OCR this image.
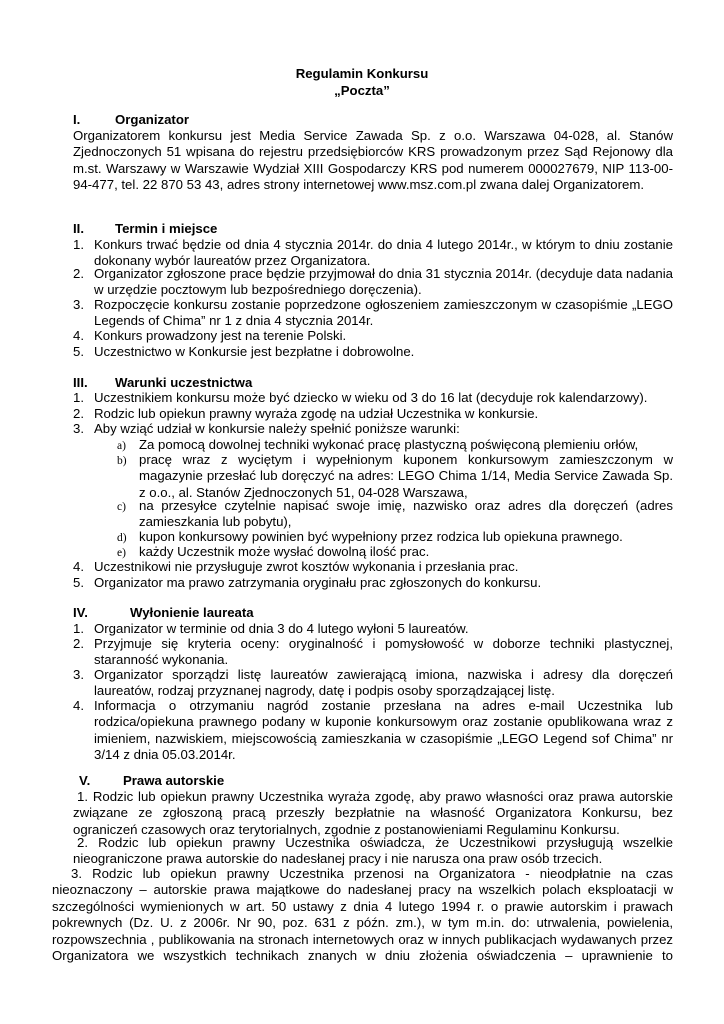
Regulamin Konkursu
„Poczta”
I.	Organizator

Organizatorem konkursu jest Media Service Zawada Sp. z o.o. Warszawa 04-028, al. Stanów Zjednoczonych 51 wpisana do rejestru przedsiębiorców KRS prowadzonym przez Sąd Rejonowy dla m.st. Warszawy w Warszawie Wydział XIII Gospodarczy KRS pod numerem 000027679, NIP 113-00-94-477, tel. 22 870 53 43, adres strony internetowej www.msz.com.pl zwana dalej Organizatorem.

II. Termin i miejsce
1. Konkurs trwać będzie od dnia 4 stycznia 2014r. do dnia 4 lutego 2014r., w którym to dniu zostanie dokonany wybór laureatów przez Organizatora.

2. Organizator zgłoszone prace będzie przyjmował do dnia 31 stycznia 2014r. (decyduje data nadania w urzędzie pocztowym lub bezpośredniego doręczenia).

3. Rozpoczęcie konkursu zostanie poprzedzone ogłoszeniem zamieszczonym w czasopiśmie „LEGO Legends of Chima” nr 1 z dnia 4 stycznia 2014r.

4. Konkurs prowadzony jest na terenie Polski.

5. Uczestnictwo w Konkursie jest bezpłatne i dobrowolne.

III. Warunki uczestnictwa
1. Uczestnikiem konkursu może być dziecko w wieku od 3 do 16 lat (decyduje rok kalendarzowy).

2. Rodzic lub opiekun prawny wyraża zgodę na udział Uczestnika w konkursie.

3. Aby wziąć udział w konkursie należy spełnić poniższe warunki:

a) Za pomocą dowolnej techniki wykonać pracę plastyczną poświęconą plemieniu orłów,

b) pracę wraz z wyciętym i wypełnionym kuponem konkursowym zamieszczonym w magazynie przesłać lub doręczyć na adres: LEGO Chima 1/14, Media Service Zawada Sp. z o.o., al. Stanów Zjednoczonych 51, 04-028 Warszawa,

c) na przesyłce czytelnie napisać swoje imię, nazwisko oraz adres dla doręczeń (adres zamieszkania lub pobytu),

d) kupon konkursowy powinien być wypełniony przez rodzica lub opiekuna prawnego.

e) każdy Uczestnik może wysłać dowolną ilość prac.

4. Uczestnikowi nie przysługuje zwrot kosztów wykonania i przesłania prac.

5. Organizator ma prawo zatrzymania oryginału prac zgłoszonych do konkursu.

IV.	Wyłonienie laureata
1. Organizator w terminie od dnia 3 do 4 lutego wyłoni 5 laureatów.

2. Przyjmuje się kryteria oceny: oryginalność i pomysłowość w doborze techniki plastycznej, staranność wykonania.

3. Organizator sporządzi listę laureatów zawierającą imiona, nazwiska i adresy dla doręczeń laureatów, rodzaj przyznanej nagrody, datę i podpis osoby sporządzającej listę.

4. Informacja o otrzymaniu nagród zostanie przesłana na adres e-mail Uczestnika lub rodzica/opiekuna prawnego podany w kuponie konkursowym oraz zostanie opublikowana wraz z imieniem, nazwiskiem, miejscowością zamieszkania w czasopiśmie „LEGO Legend sof Chima” nr 3/14 z dnia 05.03.2014r.

V. Prawa autorskie

1. Rodzic lub opiekun prawny Uczestnika wyraża zgodę, aby prawo własności oraz prawa autorskie związane ze zgłoszoną pracą przeszły bezpłatnie na własność Organizatora Konkursu, bez ograniczeń czasowych oraz terytorialnych, zgodnie z postanowieniami Regulaminu Konkursu.

2. Rodzic lub opiekun prawny Uczestnika oświadcza, że Uczestnikowi przysługują wszelkie nieograniczone prawa autorskie do nadesłanej pracy i nie narusza ona praw osób trzecich.

3. Rodzic lub opiekun prawny Uczestnika przenosi na Organizatora - nieodpłatnie na czas nieoznaczony – autorskie prawa majątkowe do nadesłanej pracy na wszelkich polach eksploatacji w szczególności wymienionych w art. 50 ustawy z dnia 4 lutego 1994 r. o prawie autorskim i prawach pokrewnych (Dz. U. z 2006r. Nr 90, poz. 631 z późn. zm.), w tym m.in. do: utrwalenia, powielenia, rozpowszechnia , publikowania na stronach internetowych oraz w innych publikacjach wydawanych przez Organizatora we wszystkich technikach znanych w dniu złożenia oświadczenia – uprawnienie to
